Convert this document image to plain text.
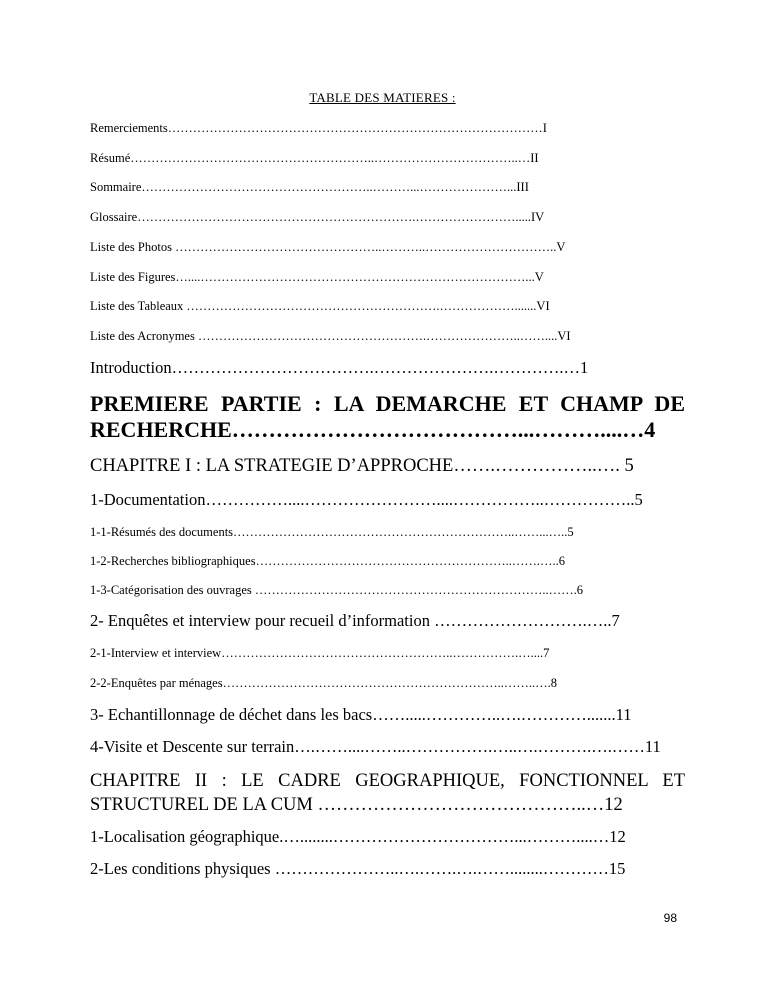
TABLE DES MATIERES :
Remerciements………………………………………………………………………………I
Résumé…………………………………………………..……………………………..…II
Sommaire………………………………………………..………...…………………...III
Glossaire………………………………………………………….…………………….....IV
Liste des Photos …………………………………………..………..…………………………..V
Liste des Figures…....……………………………………………………………………...V
Liste des Tableaux …………………………………………………….……………….......VI
Liste des Acronymes ……………………………………………….…………………..……....VI
Introduction……………………………….………………….………….…1
PREMIERE PARTIE : LA DEMARCHE ET CHAMP DE RECHERCHE…………………………………...………....…4
CHAPITRE I : LA STRATEGIE D’APPROCHE…….……………..…. 5
1-Documentation……………....……………………....……………..……………..5
1-1-Résumés des documents…………………………………………………………..……...…..5
1-2-Recherches bibliographiques……………………………………………………..…….…..6
1-3-Catégorisation des ouvrages ……………………………………………………………..…….6
2- Enquêtes et interview pour recueil d’information ……………………….…..7
2-1-Interview et interview………………………………………………..…………….…....7
2-2-Enquêtes par ménages…………………………………………………………..……..….8
3- Echantillonnage de déchet dans les bacs…….....…………..….………….......11
4-Visite et Descente sur terrain….……....……..…………….…..….……….….……11
CHAPITRE II : LE CADRE GEOGRAPHIQUE, FONCTIONNEL ET STRUCTUREL DE LA CUM ……………………………………..…12
1-Localisation géographique.…........……………………………...………....…12
2-Les conditions physiques …………………..….…….….……........…………15
98
